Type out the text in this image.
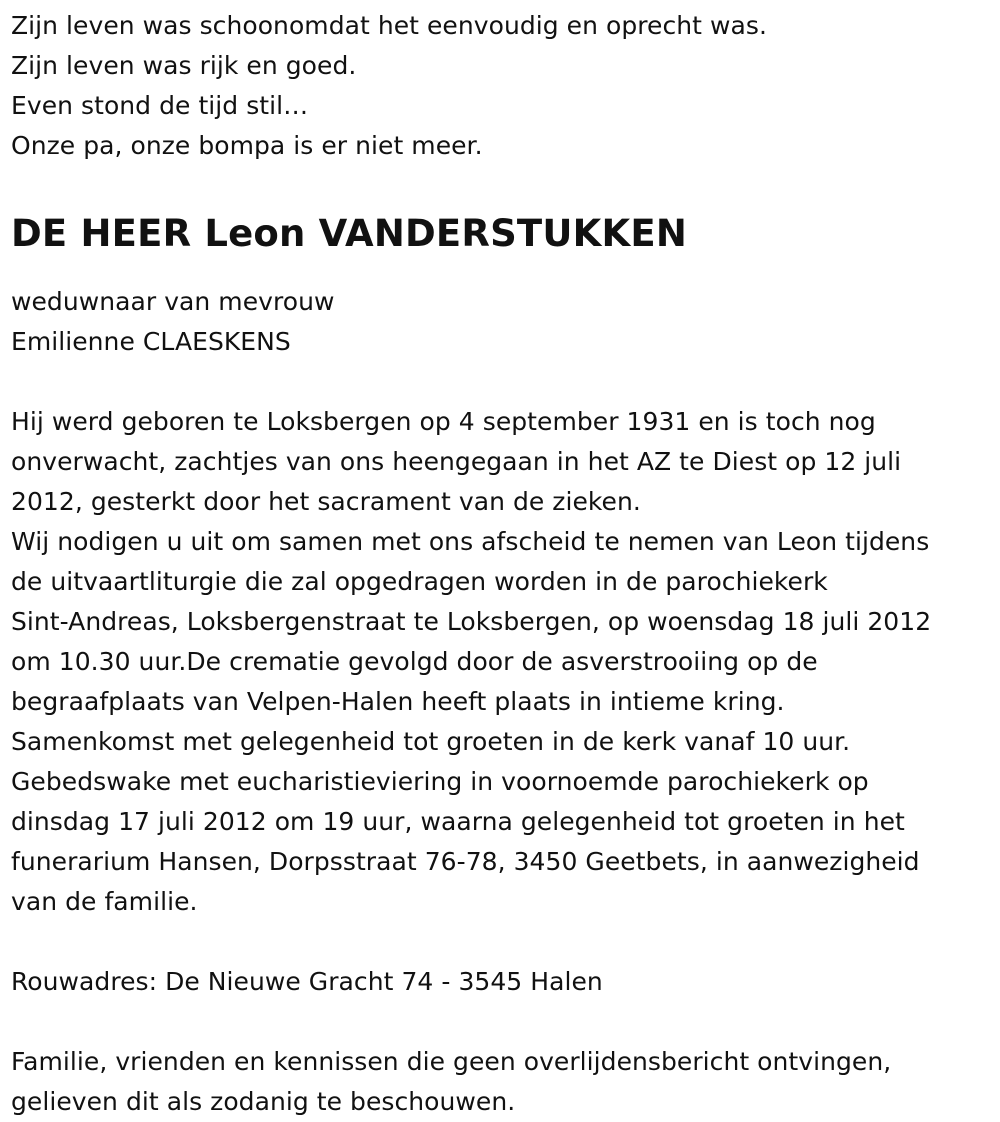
Zijn leven was schoonomdat het eenvoudig en oprecht was.
Zijn leven was rijk en goed.
Even stond de tijd stil…
Onze pa, onze bompa is er niet meer.
DE HEER Leon VANDERSTUKKEN
weduwnaar van mevrouw
Emilienne CLAESKENS
Hij werd geboren te Loksbergen op 4 september 1931 en is toch nog
onverwacht, zachtjes van ons heengegaan in het AZ te Diest op 12 juli
2012, gesterkt door het sacrament van de zieken.
Wij nodigen u uit om samen met ons afscheid te nemen van Leon tijdens
de uitvaartliturgie die zal opgedragen worden in de parochiekerk
Sint-Andreas, Loksbergenstraat te Loksbergen, op woensdag 18 juli 2012
om 10.30 uur.De crematie gevolgd door de asverstrooiing op de
begraafplaats van Velpen-Halen heeft plaats in intieme kring.
Samenkomst met gelegenheid tot groeten in de kerk vanaf 10 uur.
Gebedswake met eucharistieviering in voornoemde parochiekerk op
dinsdag 17 juli 2012 om 19 uur, waarna gelegenheid tot groeten in het
funerarium Hansen, Dorpsstraat 76-78, 3450 Geetbets, in aanwezigheid
van de familie.
Rouwadres: De Nieuwe Gracht 74 - 3545 Halen
Familie, vrienden en kennissen die geen overlijdensbericht ontvingen,
gelieven dit als zodanig te beschouwen.
